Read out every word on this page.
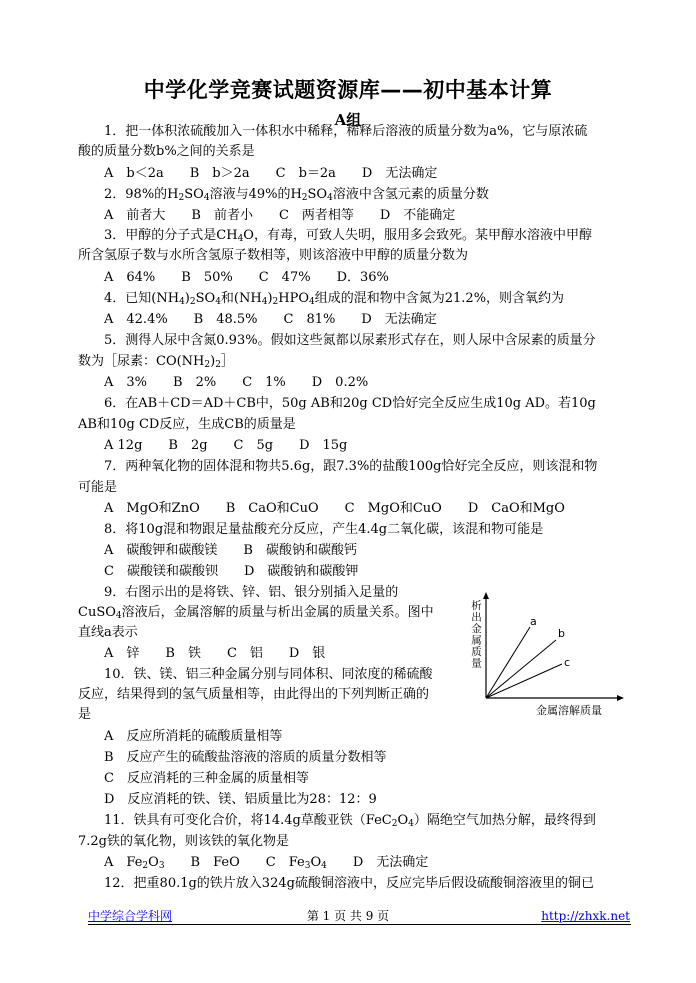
中学化学竞赛试题资源库——初中基本计算
A组
1．把一体积浓硫酸加入一体积水中稀释，稀释后溶液的质量分数为a%，它与原浓硫
酸的质量分数b%之间的关系是
A　b＜2a　　B　b＞2a　　C　b＝2a　　D　无法确定
2．98%的$H_2SO_4$溶液与49%的$H_2SO_4$溶液中含氢元素的质量分数
A　前者大　　B　前者小　　C　两者相等　　D　不能确定
3．甲醇的分子式是$CH_4O$，有毒，可致人失明，服用多会致死。某甲醇水溶液中甲醇
所含氢原子数与水所含氢原子数相等，则该溶液中甲醇的质量分数为
A　64%　　B　50%　　C　47%　　D．36%
4．已知$(NH_4)_2SO_4$和$(NH_4)_2HPO_4$组成的混和物中含氮为21.2%，则含氧约为
A　42.4%　　B　48.5%　　C　81%　　D　无法确定
5．测得人尿中含氮0.93%。假如这些氮都以尿素形式存在，则人尿中含尿素的质量分
数为［尿素：$CO(NH_2)_2]$
A　3%　　B　2%　　C　1%　　D　0.2%
6．在AB＋CD＝AD＋CB中，50g AB和20g CD恰好完全反应生成10g AD。若10g
AB和10g CD反应，生成CB的质量是
A 12g　　B　2g　　C　5g　　D　15g
7．两种氧化物的固体混和物共5.6g，跟7.3%的盐酸100g恰好完全反应，则该混和物
可能是
A　MgO和ZnO　　B　CaO和CuO　　C　MgO和CuO　　D　CaO和MgO
8．将10g混和物跟足量盐酸充分反应，产生4.4g二氧化碳，该混和物可能是
A　碳酸钾和碳酸镁　　B　碳酸钠和碳酸钙
C　碳酸镁和碳酸钡　　D　碳酸钠和碳酸钾
9．右图示出的是将铁、锌、铝、银分别插入足量的
CuSO$_4$溶液后，金属溶解的质量与析出金属的质量关系。图中
直线a表示
A　锌　　B　铁　　C　铝　　D　银
10．铁、镁、铝三种金属分别与同体积、同浓度的稀硫酸
反应，结果得到的氢气质量相等，由此得出的下列判断正确的
是
A　反应所消耗的硫酸质量相等
B　反应产生的硫酸盐溶液的溶质的质量分数相等
C　反应消耗的三种金属的质量相等
D　反应消耗的铁、镁、铝质量比为28：12：9
11．铁具有可变化合价，将14.4g草酸亚铁$(FeC_2O_4)$隔绝空气加热分解，最终得到
7.2g铁的氧化物，则该铁的氧化物是
A　$Fe_2O_3$　　B　FeO　　C　$Fe_3O_4$　　D　无法确定
12．把重80.1g的铁片放入324g硫酸铜溶液中，反应完毕后假设硫酸铜溶液里的铜已
a
b
c
析出金属质量
金属溶解质量
中学综合学科网	第 1 页 共 9 页	http://zhxk.net
